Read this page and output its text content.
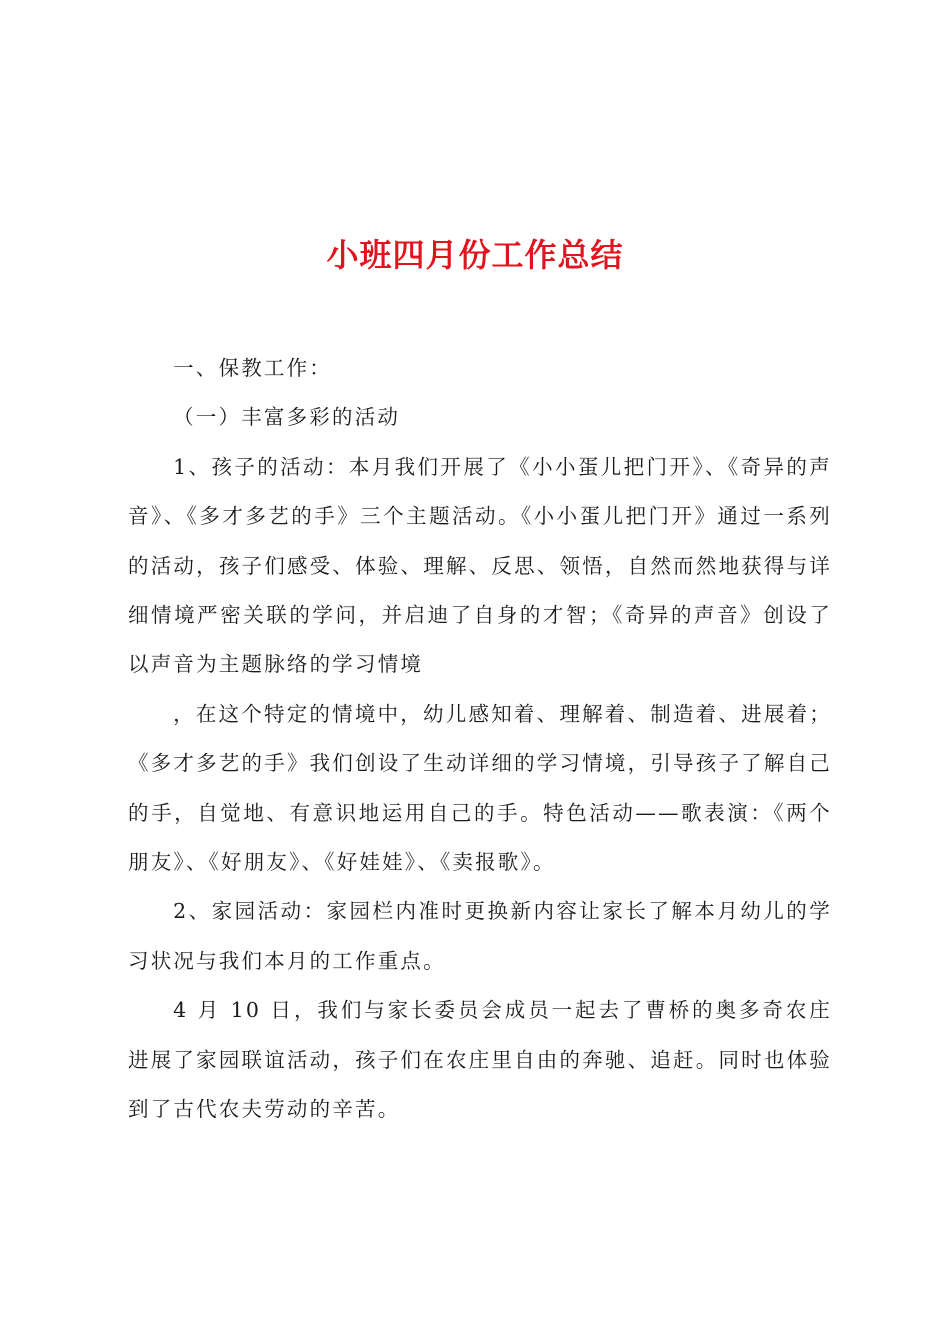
小班四月份工作总结

一、保教工作：

（一）丰富多彩的活动

1、孩子的活动：本月我们开展了《小小蛋儿把门开》、《奇异的声音》、《多才多艺的手》三个主题活动。《小小蛋儿把门开》通过一系列的活动，孩子们感受、体验、理解、反思、领悟，自然而然地获得与详细情境严密关联的学问，并启迪了自身的才智；《奇异的声音》创设了以声音为主题脉络的学习情境

，在这个特定的情境中，幼儿感知着、理解着、制造着、进展着；《多才多艺的手》我们创设了生动详细的学习情境，引导孩子了解自己的手，自觉地、有意识地运用自己的手。特色活动——歌表演：《两个朋友》、《好朋友》、《好娃娃》、《卖报歌》。

2、家园活动：家园栏内准时更换新内容让家长了解本月幼儿的学习状况与我们本月的工作重点。

4 月 10 日，我们与家长委员会成员一起去了曹桥的奥多奇农庄进展了家园联谊活动，孩子们在农庄里自由的奔驰、追赶。同时也体验到了古代农夫劳动的辛苦。
